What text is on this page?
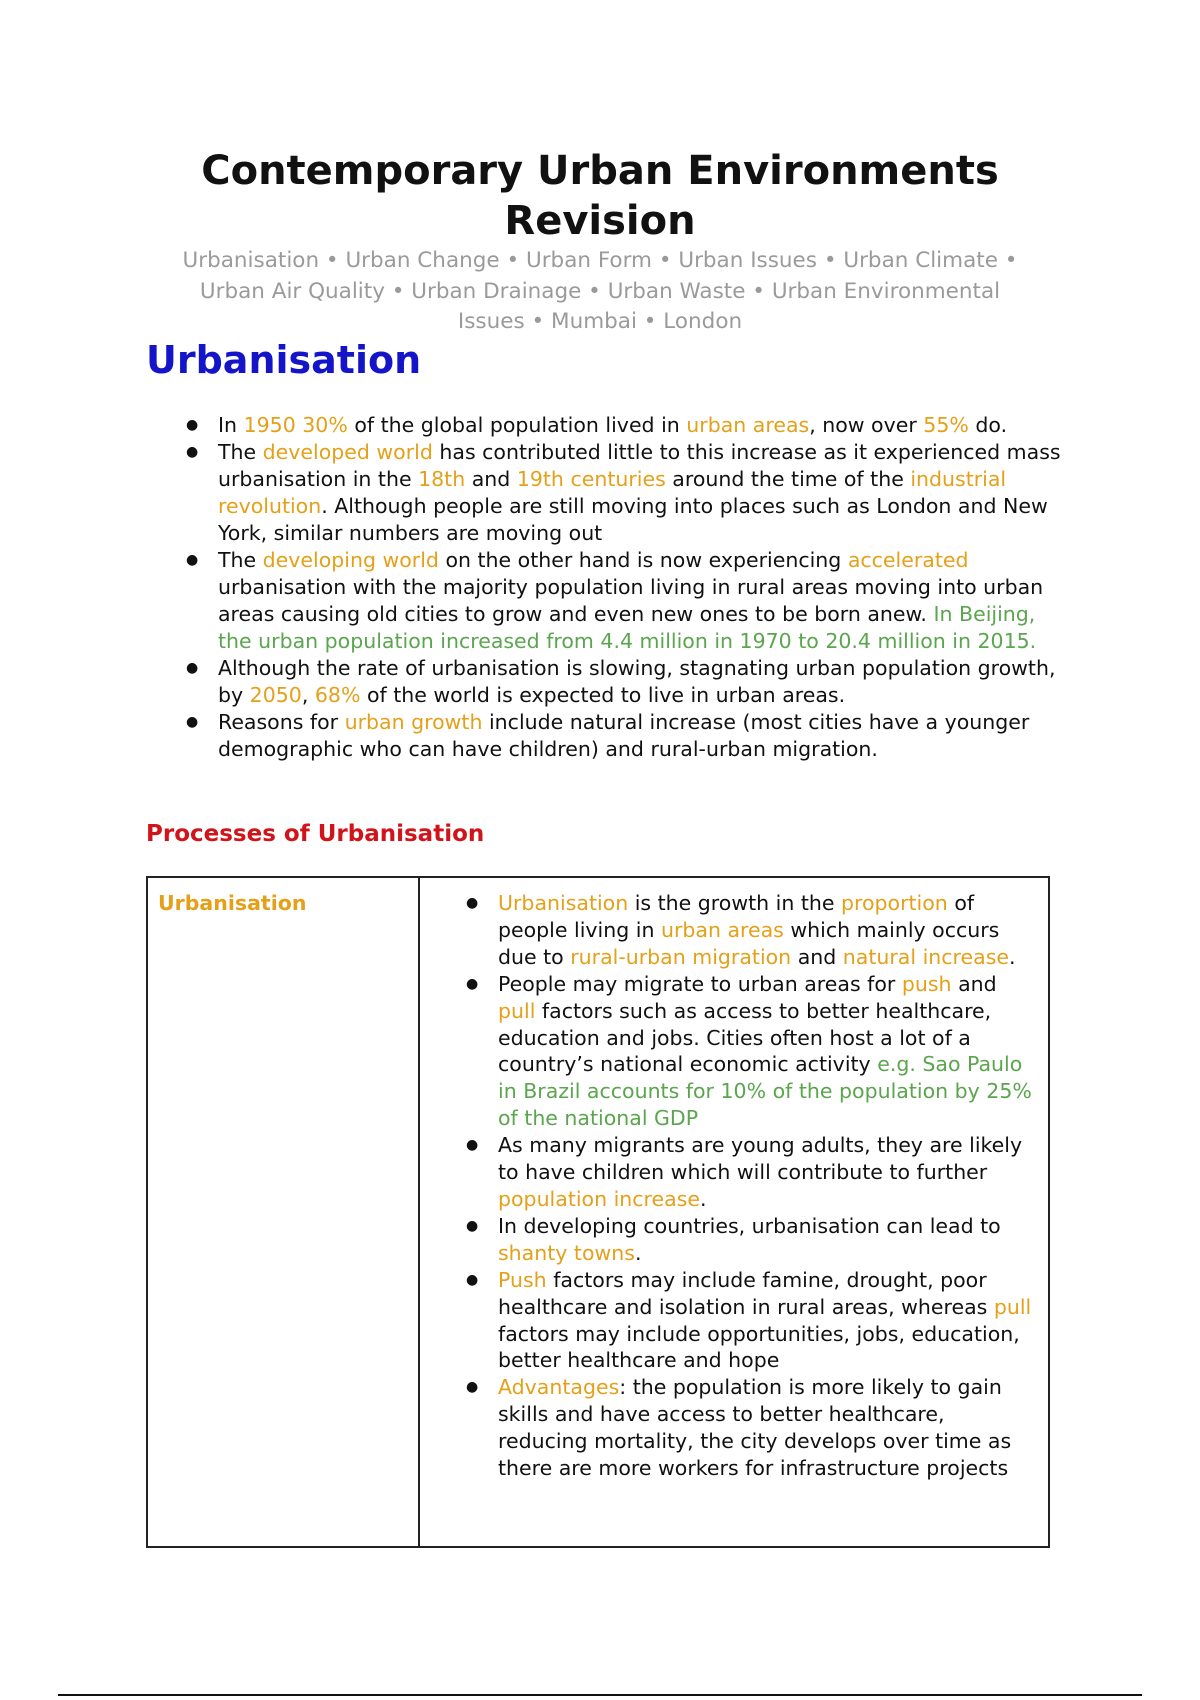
Contemporary Urban Environments
Revision

Urbanisation • Urban Change • Urban Form • Urban Issues • Urban Climate • Urban Air Quality • Urban Drainage • Urban Waste • Urban Environmental Issues • Mumbai • London

Urbanisation
● In 1950 30% of the global population lived in urban areas, now over 55% do.
● The developed world has contributed little to this increase as it experienced mass urbanisation in the 18th and 19th centuries around the time of the industrial revolution. Although people are still moving into places such as London and New York, similar numbers are moving out
● The developing world on the other hand is now experiencing accelerated urbanisation with the majority population living in rural areas moving into urban areas causing old cities to grow and even new ones to be born anew. In Beijing, the urban population increased from 4.4 million in 1970 to 20.4 million in 2015.
● Although the rate of urbanisation is slowing, stagnating urban population growth, by 2050, 68% of the world is expected to live in urban areas.
● Reasons for urban growth include natural increase (most cities have a younger demographic who can have children) and rural-urban migration.
Processes of Urbanisation
Urbanisation
●	Urbanisation is the growth in the proportion of people living in urban areas which mainly occurs due to rural-urban migration and natural increase.
● People may migrate to urban areas for push and pull factors such as access to better healthcare, education and jobs. Cities often host a lot of a country’s national economic activity e.g. Sao Paulo in Brazil accounts for 10% of the population by 25% of the national GDP
● As many migrants are young adults, they are likely to have children which will contribute to further population increase.
● In developing countries, urbanisation can lead to shanty towns.
● Push factors may include famine, drought, poor healthcare and isolation in rural areas, whereas pull factors may include opportunities, jobs, education, better healthcare and hope
● Advantages: the population is more likely to gain skills and have access to better healthcare, reducing mortality, the city develops over time as there are more workers for infrastructure projects
